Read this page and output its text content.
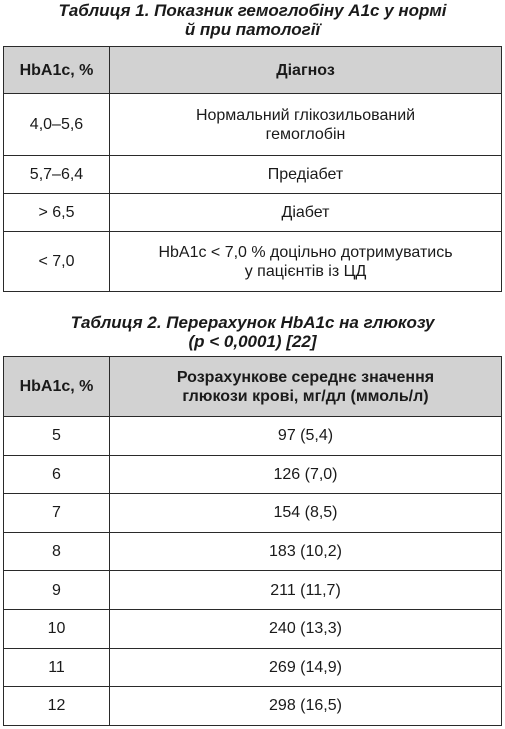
Таблиця 1. Показник гемоглобіну А1с у нормі
й при патології
HbA1c, %	Діагноз
4,0–5,6	Нормальний глікозильований
гемоглобін

5,7–6,4	Предіабет
> 6,5	Діабет
< 7,0	HbA1c < 7,0 % доцільно дотримуватись
у пацієнтів із ЦД
Таблиця 2. Перерахунок HbA1c на глюкозу
(p < 0,0001) [22]
HbA1c, %	Розрахункове середнє значення
глюкози крові, мг/дл (ммоль/л)

5	97 (5,4)
6	126 (7,0)
7	154 (8,5)
8	183 (10,2)
9	211 (11,7)
10	240 (13,3)
11	269 (14,9)
12	298 (16,5)
